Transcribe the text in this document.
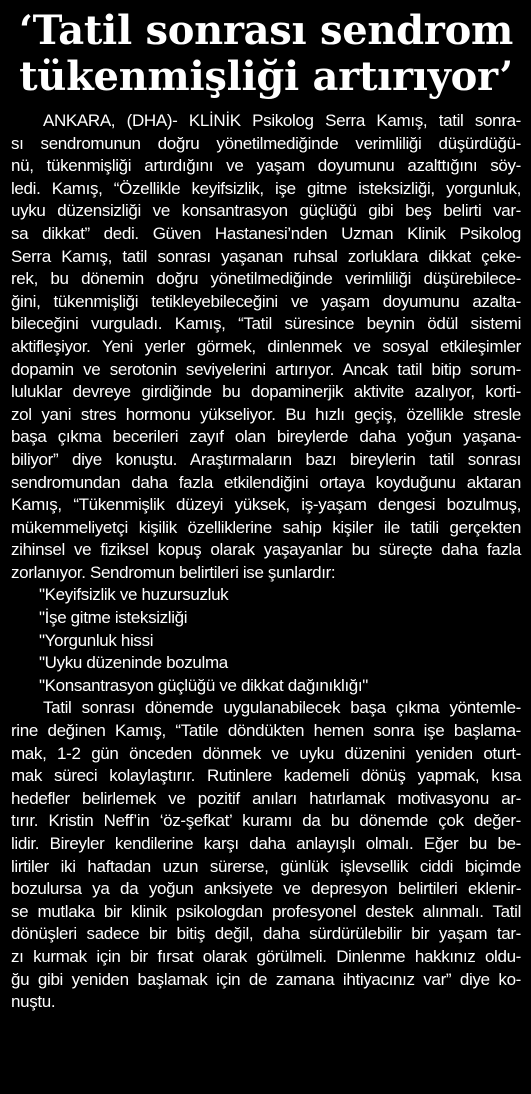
‘Tatil sonrası sendrom
tükenmişliği artırıyor’
ANKARA, (DHA)- KLİNİK Psikolog Serra Kamış, tatil sonra-
sı sendromunun doğru yönetilmediğinde verimliliği düşürdüğü-
nü, tükenmişliği artırdığını ve yaşam doyumunu azalttığını söy-
ledi. Kamış, “Özellikle keyifsizlik, işe gitme isteksizliği, yorgunluk,
uyku düzensizliği ve konsantrasyon güçlüğü gibi beş belirti var-
sa dikkat” dedi. Güven Hastanesi’nden Uzman Klinik Psikolog
Serra Kamış, tatil sonrası yaşanan ruhsal zorluklara dikkat çeke-
rek, bu dönemin doğru yönetilmediğinde verimliliği düşürebilece-
ğini, tükenmişliği tetikleyebileceğini ve yaşam doyumunu azalta-
bileceğini vurguladı. Kamış, “Tatil süresince beynin ödül sistemi
aktifleşiyor. Yeni yerler görmek, dinlenmek ve sosyal etkileşimler
dopamin ve serotonin seviyelerini artırıyor. Ancak tatil bitip sorum-
luluklar devreye girdiğinde bu dopaminerjik aktivite azalıyor, korti-
zol yani stres hormonu yükseliyor. Bu hızlı geçiş, özellikle stresle
başa çıkma becerileri zayıf olan bireylerde daha yoğun yaşana-
biliyor” diye konuştu. Araştırmaların bazı bireylerin tatil sonrası
sendromundan daha fazla etkilendiğini ortaya koyduğunu aktaran
Kamış, “Tükenmişlik düzeyi yüksek, iş-yaşam dengesi bozulmuş,
mükemmeliyetçi kişilik özelliklerine sahip kişiler ile tatili gerçekten
zihinsel ve fiziksel kopuş olarak yaşayanlar bu süreçte daha fazla
zorlanıyor. Sendromun belirtileri ise şunlardır:
"Keyifsizlik ve huzursuzluk
"İşe gitme isteksizliği
"Yorgunluk hissi
"Uyku düzeninde bozulma
"Konsantrasyon güçlüğü ve dikkat dağınıklığı"
Tatil sonrası dönemde uygulanabilecek başa çıkma yöntemle-
rine değinen Kamış, “Tatile döndükten hemen sonra işe başlama-
mak, 1-2 gün önceden dönmek ve uyku düzenini yeniden oturt-
mak süreci kolaylaştırır. Rutinlere kademeli dönüş yapmak, kısa
hedefler belirlemek ve pozitif anıları hatırlamak motivasyonu ar-
tırır. Kristin Neff’in ‘öz-şefkat’ kuramı da bu dönemde çok değer-
lidir. Bireyler kendilerine karşı daha anlayışlı olmalı. Eğer bu be-
lirtiler iki haftadan uzun sürerse, günlük işlevsellik ciddi biçimde
bozulursa ya da yoğun anksiyete ve depresyon belirtileri eklenir-
se mutlaka bir klinik psikologdan profesyonel destek alınmalı. Tatil
dönüşleri sadece bir bitiş değil, daha sürdürülebilir bir yaşam tar-
zı kurmak için bir fırsat olarak görülmeli. Dinlenme hakkınız oldu-
ğu gibi yeniden başlamak için de zamana ihtiyacınız var” diye ko-
nuştu.
